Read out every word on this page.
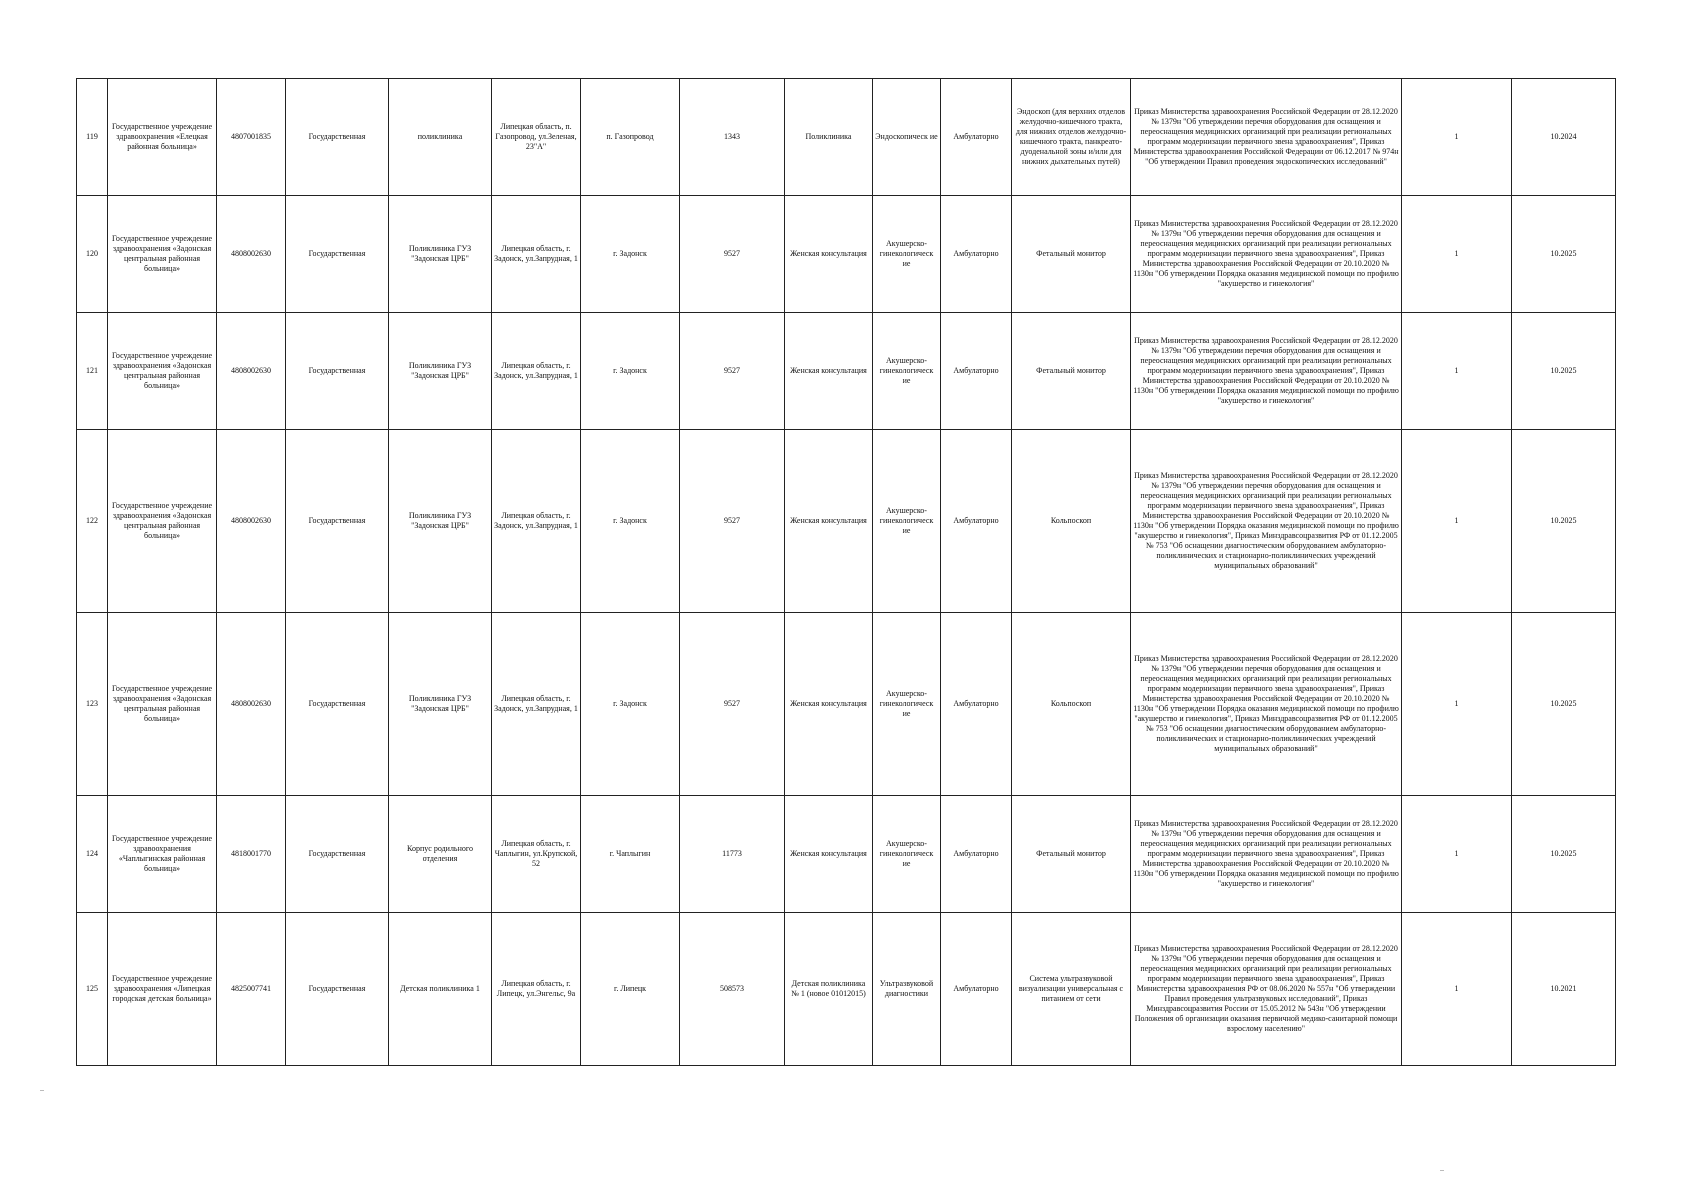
119	Государственное учреждение здравоохранения «Елецкая районная больница»	4807001835	Государственная	поликлиника	Липецкая область, п. Газопровод, ул.Зеленая, 23"А"	п. Газопровод	1343	Поликлиника	Эндоскопическ ие	Амбулаторно	Эндоскоп (для верхних отделов желудочно-кишечного тракта, для нижних отделов желудочно-кишечного тракта, панкреато-дуоденальной зоны и/или для нижних дыхательных путей)	Приказ Министерства здравоохранения Российской Федерации от 28.12.2020 № 1379н "Об утверждении перечня оборудования для оснащения и переоснащения медицинских организаций при реализации региональных программ модернизации первичного звена здравоохранения", Приказ Министерства здравоохранения Российской Федерации от 06.12.2017 № 974н "Об утверждении Правил проведения эндоскопических исследований"	1	10.2024
120	Государственное учреждение здравоохранения «Задонская центральная районная больница»	4808002630	Государственная	Поликлиника ГУЗ "Задонская ЦРБ"	Липецкая область, г. Задонск, ул.Запрудная, 1	г. Задонск	9527	Женская консультация	Акушерско-гинекологическ ие	Амбулаторно	Фетальный монитор	Приказ Министерства здравоохранения Российской Федерации от 28.12.2020 № 1379н "Об утверждении перечня оборудования для оснащения и переоснащения медицинских организаций при реализации региональных программ модернизации первичного звена здравоохранения", Приказ Министерства здравоохранения Российской Федерации от 20.10.2020 № 1130н "Об утверждении Порядка оказания медицинской помощи по профилю "акушерство и гинекология"	1	10.2025
121	Государственное учреждение здравоохранения «Задонская центральная районная больница»	4808002630	Государственная	Поликлиника ГУЗ "Задонская ЦРБ"	Липецкая область, г. Задонск, ул.Запрудная, 1	г. Задонск	9527	Женская консультация	Акушерско-гинекологическ ие	Амбулаторно	Фетальный монитор	Приказ Министерства здравоохранения Российской Федерации от 28.12.2020 № 1379н "Об утверждении перечня оборудования для оснащения и переоснащения медицинских организаций при реализации региональных программ модернизации первичного звена здравоохранения", Приказ Министерства здравоохранения Российской Федерации от 20.10.2020 № 1130н "Об утверждении Порядка оказания медицинской помощи по профилю "акушерство и гинекология"	1	10.2025
122	Государственное учреждение здравоохранения «Задонская центральная районная больница»	4808002630	Государственная	Поликлиника ГУЗ "Задонская ЦРБ"	Липецкая область, г. Задонск, ул.Запрудная, 1	г. Задонск	9527	Женская консультация	Акушерско-гинекологическ ие	Амбулаторно	Кольпоскоп	Приказ Министерства здравоохранения Российской Федерации от 28.12.2020 № 1379н "Об утверждении перечня оборудования для оснащения и переоснащения медицинских организаций при реализации региональных программ модернизации первичного звена здравоохранения", Приказ Министерства здравоохранения Российской Федерации от 20.10.2020 № 1130н "Об утверждении Порядка оказания медицинской помощи по профилю "акушерство и гинекология", Приказ Минздравсоцразвития РФ от 01.12.2005 № 753 "Об оснащении диагностическим оборудованием амбулаторно-поликлинических и стационарно-поликлинических учреждений муниципальных образований"	1	10.2025
123	Государственное учреждение здравоохранения «Задонская центральная районная больница»	4808002630	Государственная	Поликлиника ГУЗ "Задонская ЦРБ"	Липецкая область, г. Задонск, ул.Запрудная, 1	г. Задонск	9527	Женская консультация	Акушерско-гинекологическ ие	Амбулаторно	Кольпоскоп	Приказ Министерства здравоохранения Российской Федерации от 28.12.2020 № 1379н "Об утверждении перечня оборудования для оснащения и переоснащения медицинских организаций при реализации региональных программ модернизации первичного звена здравоохранения", Приказ Министерства здравоохранения Российской Федерации от 20.10.2020 № 1130н "Об утверждении Порядка оказания медицинской помощи по профилю "акушерство и гинекология", Приказ Минздравсоцразвития РФ от 01.12.2005 № 753 "Об оснащении диагностическим оборудованием амбулаторно-поликлинических и стационарно-поликлинических учреждений муниципальных образований"	1	10.2025
124	Государственное учреждение здравоохранения «Чаплыгинская районная больница»	4818001770	Государственная	Корпус родильного отделения	Липецкая область, г. Чаплыгин, ул.Крупской, 52	г. Чаплыгин	11773	Женская консультация	Акушерско-гинекологическ ие	Амбулаторно	Фетальный монитор	Приказ Министерства здравоохранения Российской Федерации от 28.12.2020 № 1379н "Об утверждении перечня оборудования для оснащения и переоснащения медицинских организаций при реализации региональных программ модернизации первичного звена здравоохранения", Приказ Министерства здравоохранения Российской Федерации от 20.10.2020 № 1130н "Об утверждении Порядка оказания медицинской помощи по профилю "акушерство и гинекология"	1	10.2025
125	Государственное учреждение здравоохранения «Липецкая городская детская больница»	4825007741	Государственная	Детская поликлиника 1	Липецкая область, г. Липецк, ул.Энгельс, 9а	г. Липецк	508573	Детская поликлиника № 1 (новое 01012015)	Ультразвуковой диагностики	Амбулаторно	Система ультразвуковой визуализации универсальная с питанием от сети	Приказ Министерства здравоохранения Российской Федерации от 28.12.2020 № 1379н "Об утверждении перечня оборудования для оснащения и переоснащения медицинских организаций при реализации региональных программ модернизации первичного звена здравоохранения", Приказ Министерства здравоохранения РФ от 08.06.2020 № 557н "Об утверждении Правил проведения ультразвуковых исследований", Приказ Минздравсоцразвития России от 15.05.2012 № 543н "Об утверждении Положения об организации оказания первичной медико-санитарной помощи взрослому населению"	1	10.2021
